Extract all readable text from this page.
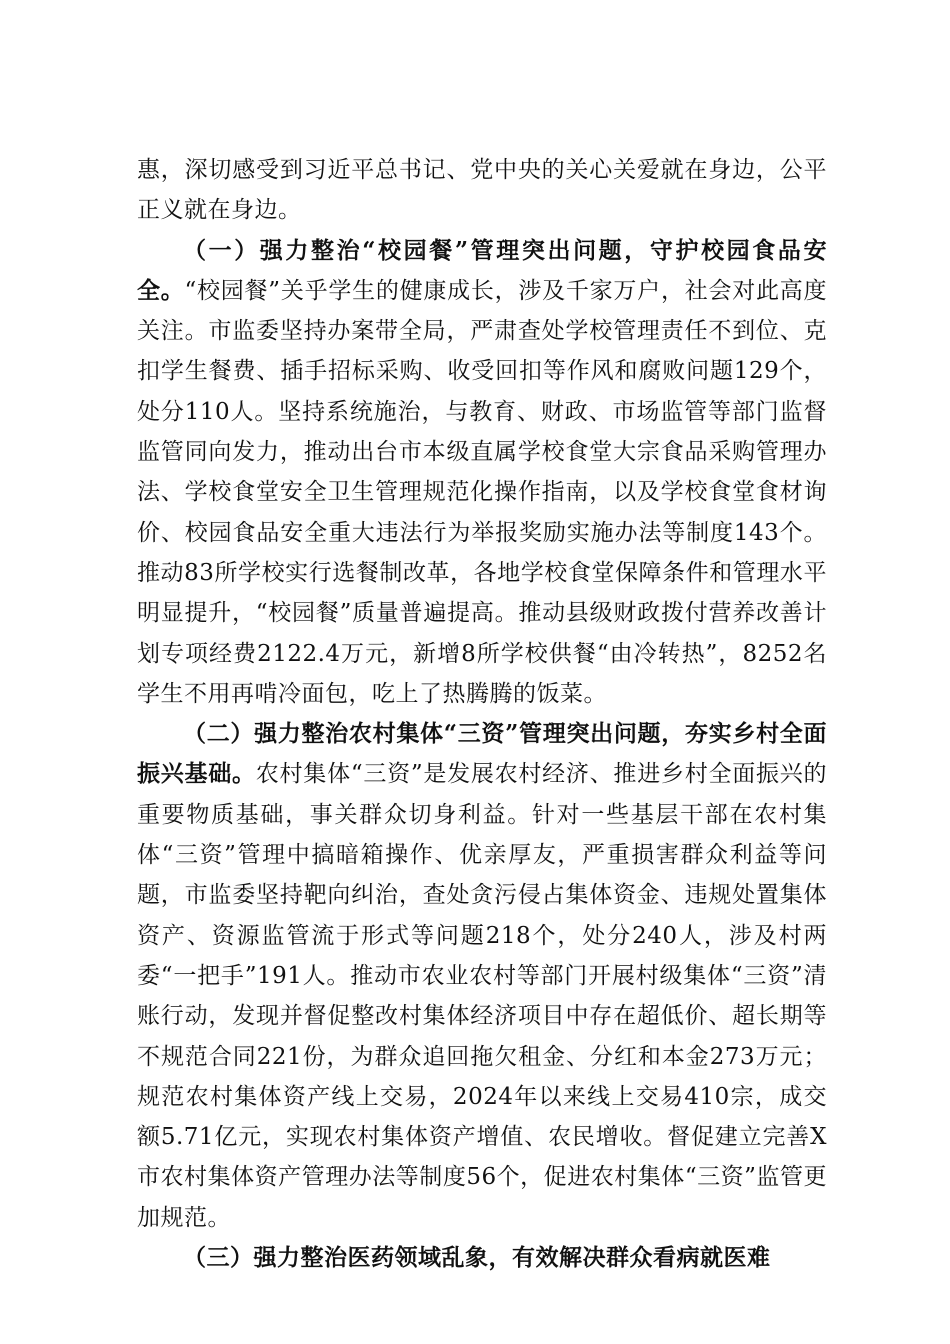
惠，深切感受到习近平总书记、党中央的关心关爱就在身边，公平正义就在身边。

（一）强力整治“校园餐”管理突出问题，守护校园食品安全。“校园餐”关乎学生的健康成长，涉及千家万户，社会对此高度关注。市监委坚持办案带全局，严肃查处学校管理责任不到位、克扣学生餐费、插手招标采购、收受回扣等作风和腐败问题129个，处分110人。坚持系统施治，与教育、财政、市场监管等部门监督监管同向发力，推动出台市本级直属学校食堂大宗食品采购管理办法、学校食堂安全卫生管理规范化操作指南，以及学校食堂食材询价、校园食品安全重大违法行为举报奖励实施办法等制度143个。推动83所学校实行选餐制改革，各地学校食堂保障条件和管理水平明显提升，“校园餐”质量普遍提高。推动县级财政拨付营养改善计划专项经费2122.4万元，新增8所学校供餐“由冷转热”，8252名学生不用再啃冷面包，吃上了热腾腾的饭菜。

（二）强力整治农村集体“三资”管理突出问题，夯实乡村全面振兴基础。农村集体“三资”是发展农村经济、推进乡村全面振兴的重要物质基础，事关群众切身利益。针对一些基层干部在农村集体“三资”管理中搞暗箱操作、优亲厚友，严重损害群众利益等问题，市监委坚持靶向纠治，查处贪污侵占集体资金、违规处置集体资产、资源监管流于形式等问题218个，处分240人，涉及村两委“一把手”191人。推动市农业农村等部门开展村级集体“三资”清账行动，发现并督促整改村集体经济项目中存在超低价、超长期等不规范合同221份，为群众追回拖欠租金、分红和本金273万元；规范农村集体资产线上交易，2024年以来线上交易410宗，成交额5.71亿元，实现农村集体资产增值、农民增收。督促建立完善X市农村集体资产管理办法等制度56个，促进农村集体“三资”监管更加规范。

（三）强力整治医药领域乱象，有效解决群众看病就医难
